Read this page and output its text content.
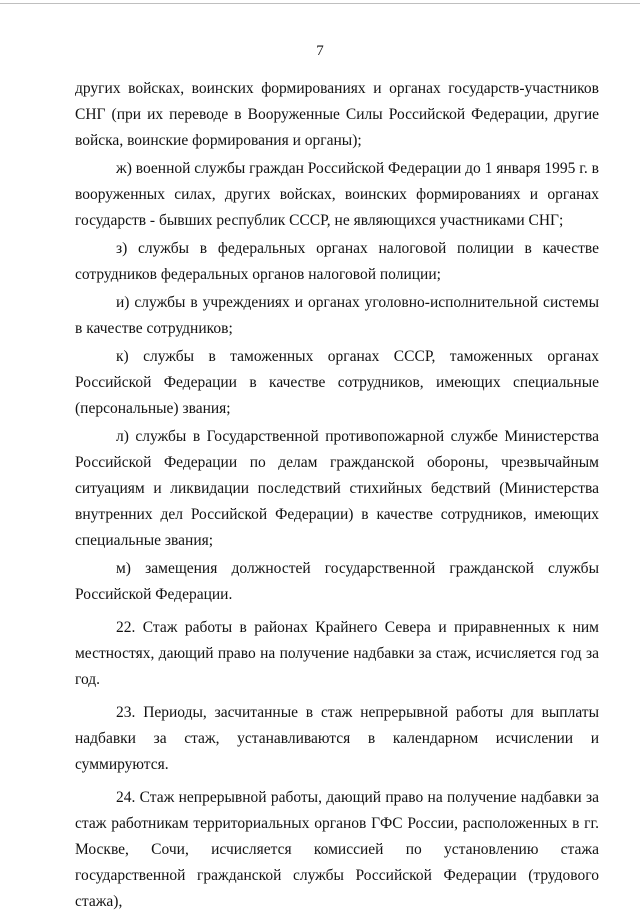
7

других войсках, воинских формированиях и органах государств-участников СНГ (при их переводе в Вооруженные Силы Российской Федерации, другие войска, воинские формирования и органы);

ж) военной службы граждан Российской Федерации до 1 января 1995 г. в вооруженных силах, других войсках, воинских формированиях и органах государств - бывших республик СССР, не являющихся участниками СНГ;

з) службы в федеральных органах налоговой полиции в качестве сотрудников федеральных органов налоговой полиции;

и) службы в учреждениях и органах уголовно-исполнительной системы в качестве сотрудников;

к) службы в таможенных органах СССР, таможенных органах Российской Федерации в качестве сотрудников, имеющих специальные (персональные) звания;

л) службы в Государственной противопожарной службе Министерства Российской Федерации по делам гражданской обороны, чрезвычайным ситуациям и ликвидации последствий стихийных бедствий (Министерства внутренних дел Российской Федерации) в качестве сотрудников, имеющих специальные звания;

м) замещения должностей государственной гражданской службы Российской Федерации.

22. Стаж работы в районах Крайнего Севера и приравненных к ним местностях, дающий право на получение надбавки за стаж, исчисляется год за год.

23. Периоды, засчитанные в стаж непрерывной работы для выплаты надбавки за стаж, устанавливаются в календарном исчислении и суммируются.

24. Стаж непрерывной работы, дающий право на получение надбавки за стаж работникам территориальных органов ГФС России, расположенных в гг. Москве, Сочи, исчисляется комиссией по установлению стажа государственной гражданской службы Российской Федерации (трудового стажа),
